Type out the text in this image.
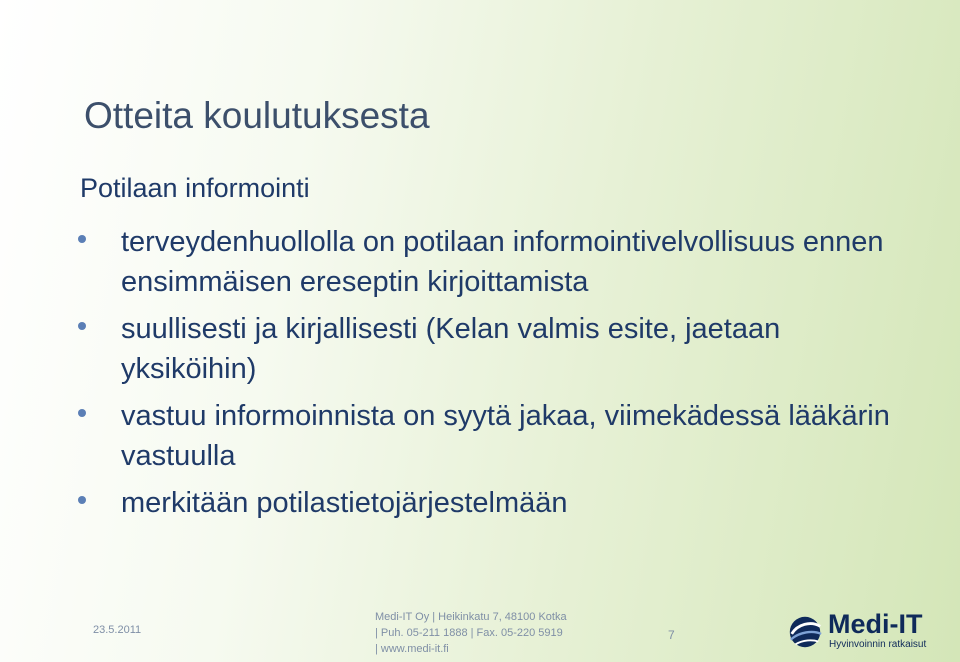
Otteita koulutuksesta
Potilaan informointi
terveydenhuollolla on potilaan informointivelvollisuus ennen ensimmäisen ereseptin kirjoittamista
suullisesti ja kirjallisesti (Kelan valmis esite, jaetaan yksiköihin)
vastuu informoinnista on syytä jakaa, viimekädessä lääkärin vastuulla
merkitään potilastietojärjestelmään
23.5.2011
Medi-IT Oy | Heikinkatu 7, 48100 Kotka
| Puh. 05-211 1888 | Fax. 05-220 5919
| www.medi-it.fi
7	Medi-IT
Hyvinvoinnin ratkaisut
